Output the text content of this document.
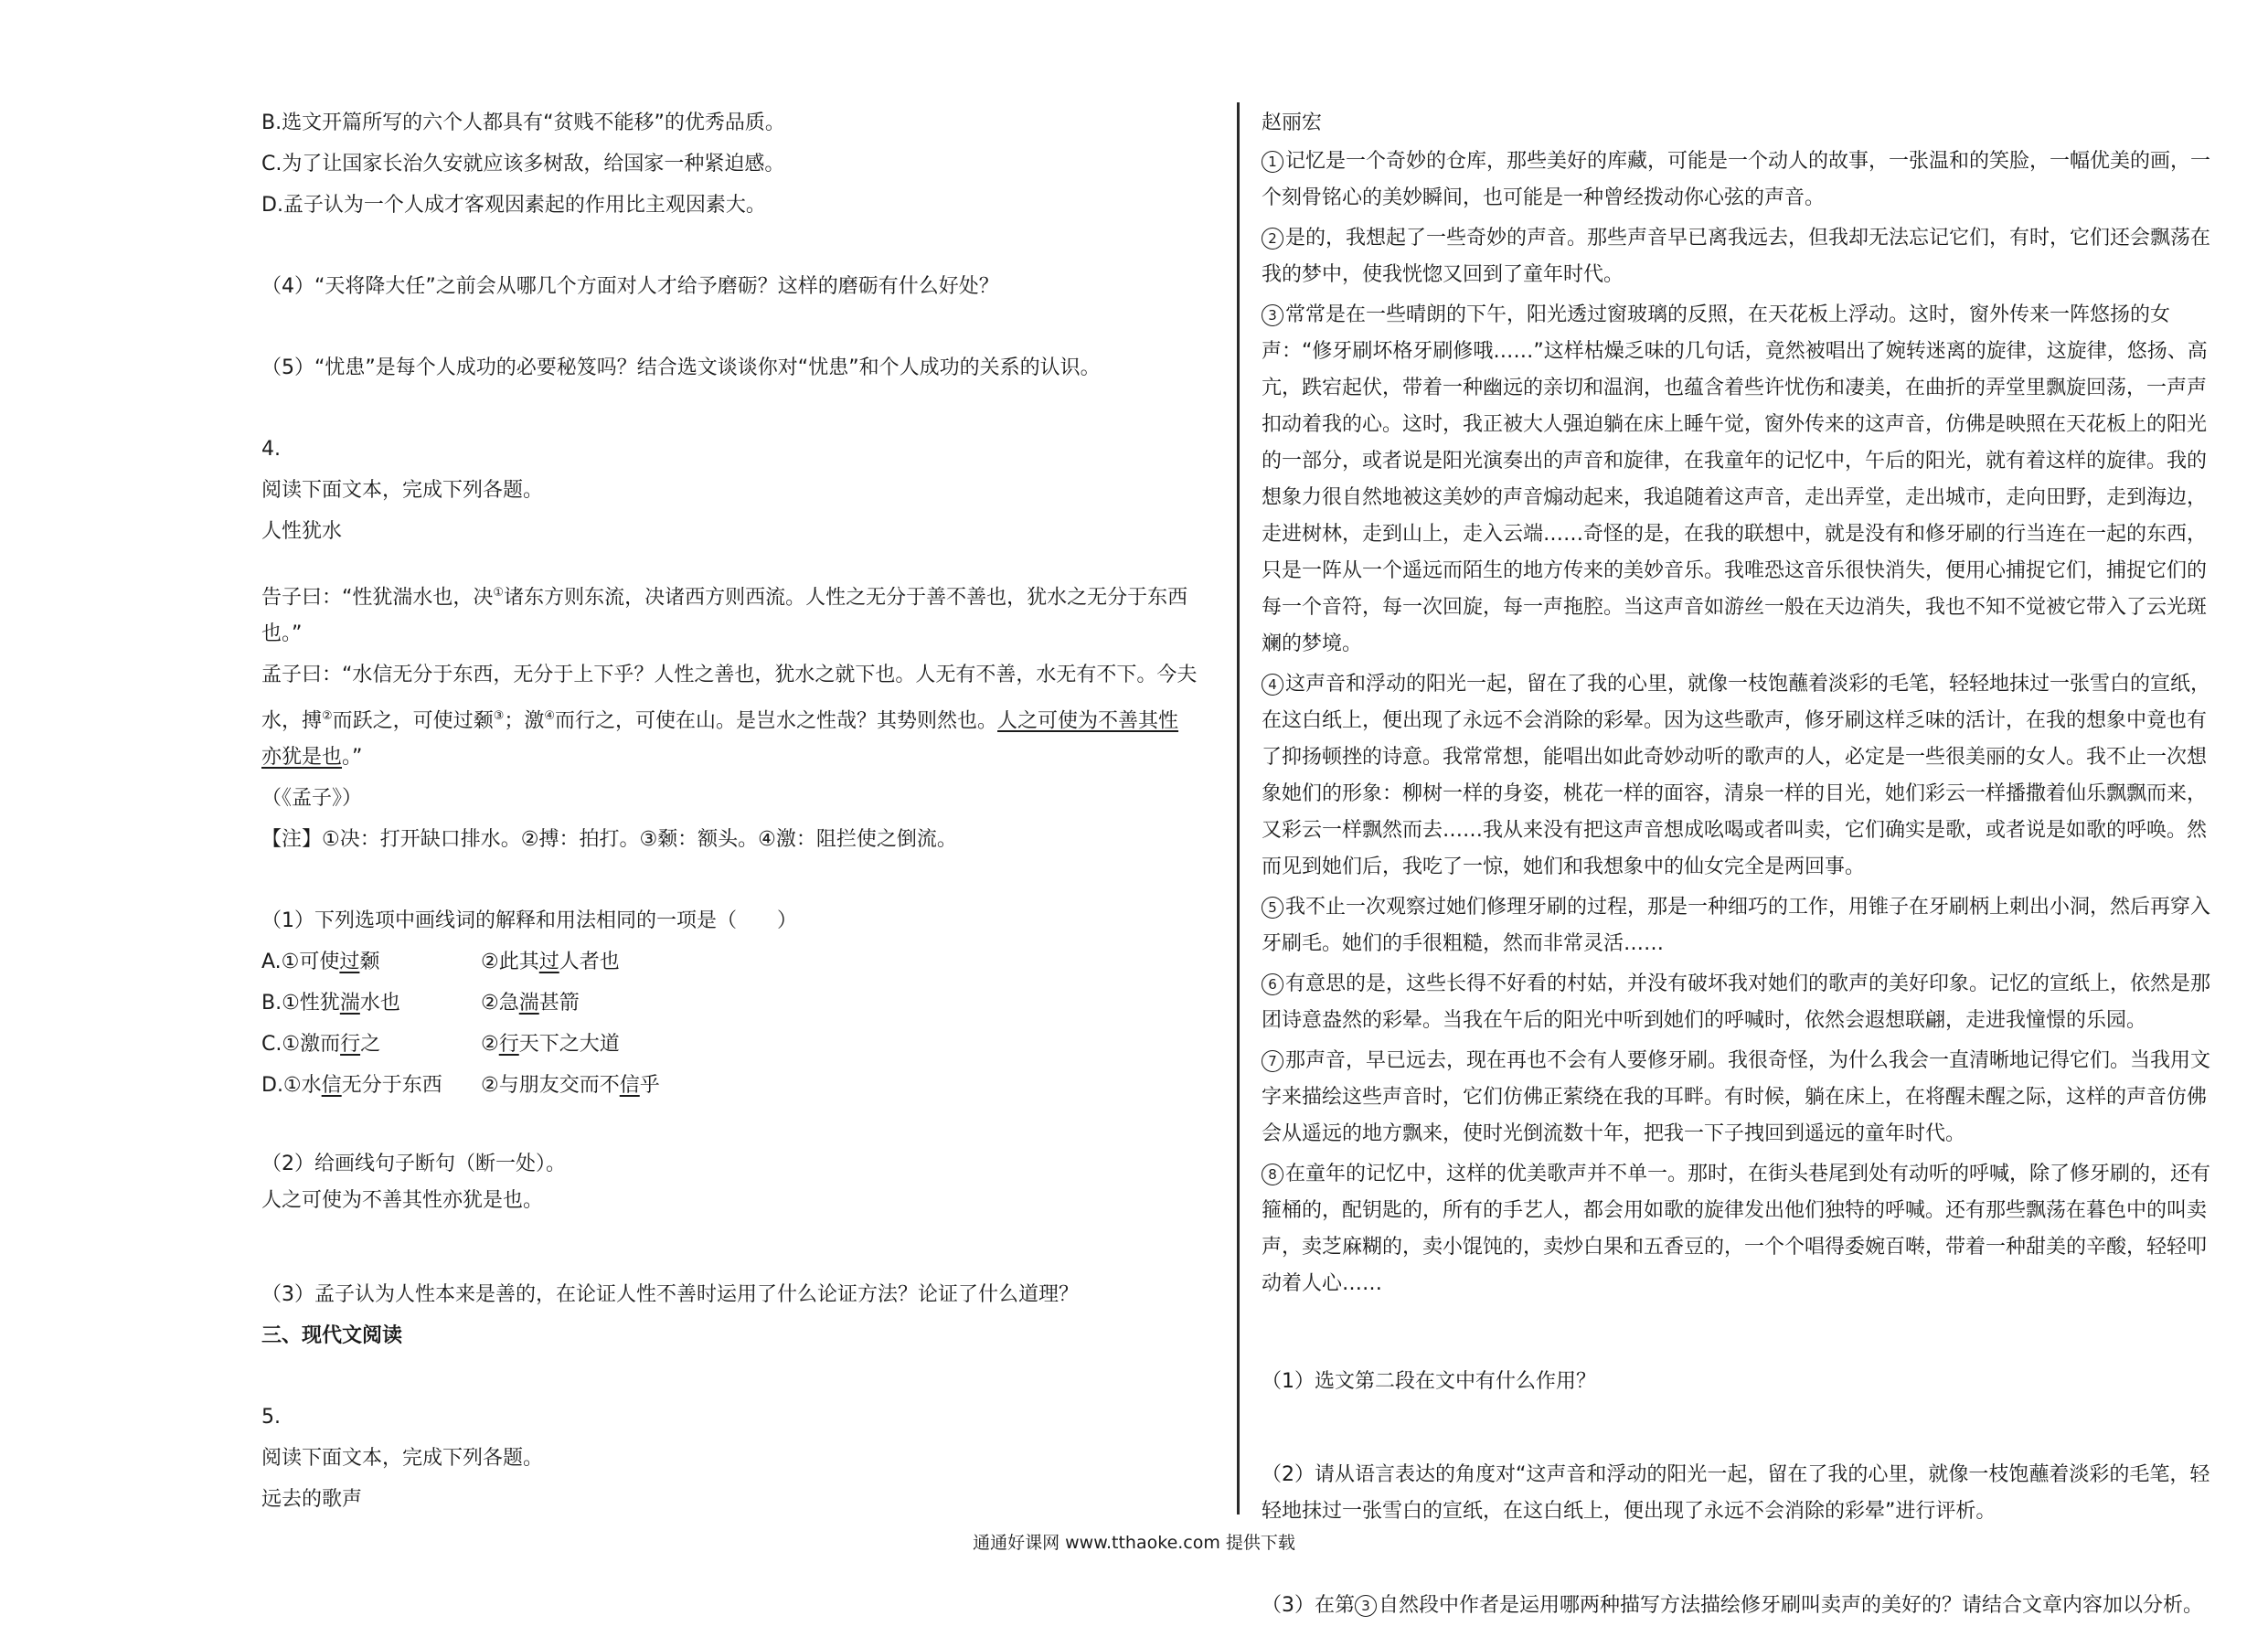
B.选文开篇所写的六个人都具有“贫贱不能移”的优秀品质。
C.为了让国家长治久安就应该多树敌，给国家一种紧迫感。
D.孟子认为一个人成才客观因素起的作用比主观因素大。
（4）“天将降大任”之前会从哪几个方面对人才给予磨砺？这样的磨砺有什么好处？
（5）“忧患”是每个人成功的必要秘笈吗？结合选文谈谈你对“忧患”和个人成功的关系的认识。
4.
阅读下面文本，完成下列各题。
人性犹水
告子曰：“性犹湍水也，决①诸东方则东流，决诸西方则西流。人性之无分于善不善也，犹水之无分于东西
也。”
孟子曰：“水信无分于东西，无分于上下乎？人性之善也，犹水之就下也。人无有不善，水无有不下。今夫
水，搏②而跃之，可使过颡③；激④而行之，可使在山。是岂水之性哉？其势则然也。人之可使为不善其性
亦犹是也。”
（《孟子》）
【注】①决：打开缺口排水。②搏：拍打。③颡：额头。④激：阻拦使之倒流。
（1）下列选项中画线词的解释和用法相同的一项是（　　）
A.①可使过颡	②此其过人者也
B.①性犹湍水也	②急湍甚箭
C.①激而行之	②行天下之大道
D.①水信无分于东西 ②与朋友交而不信乎
（2）给画线句子断句（断一处）。
人之可使为不善其性亦犹是也。
（3）孟子认为人性本来是善的，在论证人性不善时运用了什么论证方法？论证了什么道理？
三、现代文阅读
5.
阅读下面文本，完成下列各题。
远去的歌声
赵丽宏
1 记忆是一个奇妙的仓库，那些美好的库藏，可能是一个动人的故事，一张温和的笑脸，一幅优美的画，一个刻骨铭心的美妙瞬间，也可能是一种曾经拨动你心弦的声音。
2 是的，我想起了一些奇妙的声音。那些声音早已离我远去，但我却无法忘记它们，有时，它们还会飘荡在我的梦中，使我恍惚又回到了童年时代。
3 常常是在一些晴朗的下午，阳光透过窗玻璃的反照，在天花板上浮动。这时，窗外传来一阵悠扬的女声：“修牙刷坏格牙刷修哦……”这样枯燥乏味的几句话，竟然被唱出了婉转迷离的旋律，这旋律，悠扬、高亢，跌宕起伏，带着一种幽远的亲切和温润，也蕴含着些许忧伤和凄美，在曲折的弄堂里飘旋回荡，一声声扣动着我的心。这时，我正被大人强迫躺在床上睡午觉，窗外传来的这声音，仿佛是映照在天花板上的阳光的一部分，或者说是阳光演奏出的声音和旋律，在我童年的记忆中，午后的阳光，就有着这样的旋律。我的想象力很自然地被这美妙的声音煽动起来，我追随着这声音，走出弄堂，走出城市，走向田野，走到海边，走进树林，走到山上，走入云端……奇怪的是，在我的联想中，就是没有和修牙刷的行当连在一起的东西，只是一阵从一个遥远而陌生的地方传来的美妙音乐。我唯恐这音乐很快消失，便用心捕捉它们，捕捉它们的每一个音符，每一次回旋，每一声拖腔。当这声音如游丝一般在天边消失，我也不知不觉被它带入了云光斑斓的梦境。
4 这声音和浮动的阳光一起，留在了我的心里，就像一枝饱蘸着淡彩的毛笔，轻轻地抹过一张雪白的宣纸，在这白纸上，便出现了永远不会消除的彩晕。因为这些歌声，修牙刷这样乏味的活计，在我的想象中竟也有了抑扬顿挫的诗意。我常常想，能唱出如此奇妙动听的歌声的人，必定是一些很美丽的女人。我不止一次想象她们的形象：柳树一样的身姿，桃花一样的面容，清泉一样的目光，她们彩云一样播撒着仙乐飘飘而来，又彩云一样飘然而去……我从来没有把这声音想成吆喝或者叫卖，它们确实是歌，或者说是如歌的呼唤。然而见到她们后，我吃了一惊，她们和我想象中的仙女完全是两回事。
5 我不止一次观察过她们修理牙刷的过程，那是一种细巧的工作，用锥子在牙刷柄上刺出小洞，然后再穿入牙刷毛。她们的手很粗糙，然而非常灵活……
6 有意思的是，这些长得不好看的村姑，并没有破坏我对她们的歌声的美好印象。记忆的宣纸上，依然是那团诗意盎然的彩晕。当我在午后的阳光中听到她们的呼喊时，依然会遐想联翩，走进我憧憬的乐园。
7 那声音，早已远去，现在再也不会有人要修牙刷。我很奇怪，为什么我会一直清晰地记得它们。当我用文字来描绘这些声音时，它们仿佛正萦绕在我的耳畔。有时候，躺在床上，在将醒未醒之际，这样的声音仿佛会从遥远的地方飘来，使时光倒流数十年，把我一下子拽回到遥远的童年时代。
8 在童年的记忆中，这样的优美歌声并不单一。那时，在街头巷尾到处有动听的呼喊，除了修牙刷的，还有箍桶的，配钥匙的，所有的手艺人，都会用如歌的旋律发出他们独特的呼喊。还有那些飘荡在暮色中的叫卖声，卖芝麻糊的，卖小馄饨的，卖炒白果和五香豆的，一个个唱得委婉百啭，带着一种甜美的辛酸，轻轻叩动着人心……
（1）选文第二段在文中有什么作用？
（2）请从语言表达的角度对“这声音和浮动的阳光一起，留在了我的心里，就像一枝饱蘸着淡彩的毛笔，轻轻地抹过一张雪白的宣纸，在这白纸上，便出现了永远不会消除的彩晕”进行评析。
（3）在第 3 自然段中作者是运用哪两种描写方法描绘修牙刷叫卖声的美好的？请结合文章内容加以分析。
通通好课网 www.tthaoke.com 提供下载
